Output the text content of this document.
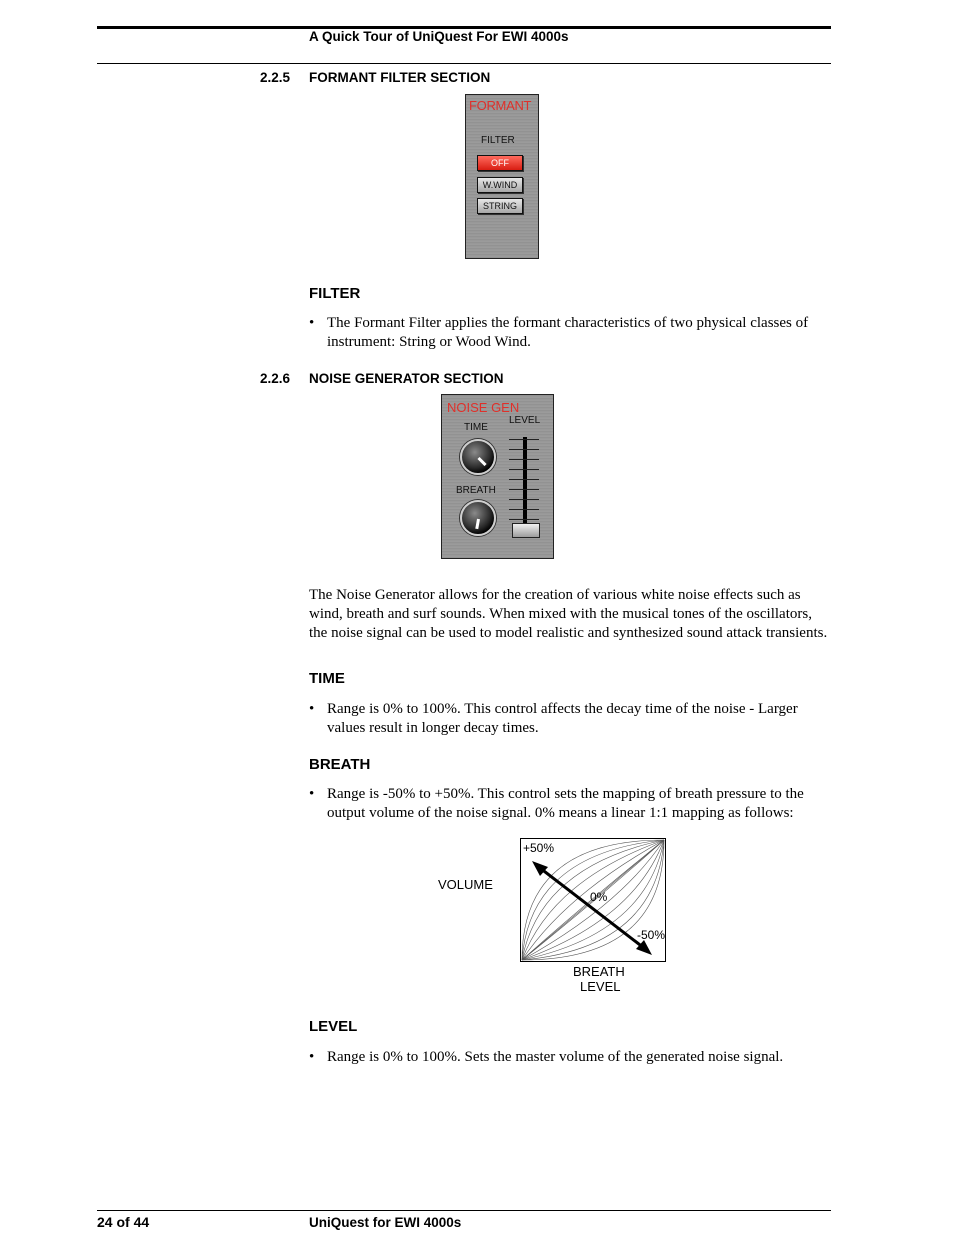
A Quick Tour of UniQuest For EWI 4000s
2.2.5 FORMANT FILTER SECTION
FORMANT
FILTER
OFF
W.WIND
STRING
FILTER
• The Formant Filter applies the formant characteristics of two physical classes of instrument: String or Wood Wind.
2.2.6 NOISE GENERATOR SECTION
NOISE GEN
TIME
LEVEL
BREATH
The Noise Generator allows for the creation of various white noise effects such as wind, breath and surf sounds. When mixed with the musical tones of the oscillators, the noise signal can be used to model realistic and synthesized sound attack transients.
TIME
• Range is 0% to 100%. This control affects the decay time of the noise - Larger values result in longer decay times.
BREATH
• Range is -50% to +50%. This control sets the mapping of breath pressure to the output volume of the noise signal. 0% means a linear 1:1 mapping as follows:
VOLUME
+50%
0%
-50%
BREATH
LEVEL
LEVEL
• Range is 0% to 100%. Sets the master volume of the generated noise signal.
24 of 44	UniQuest for EWI 4000s
